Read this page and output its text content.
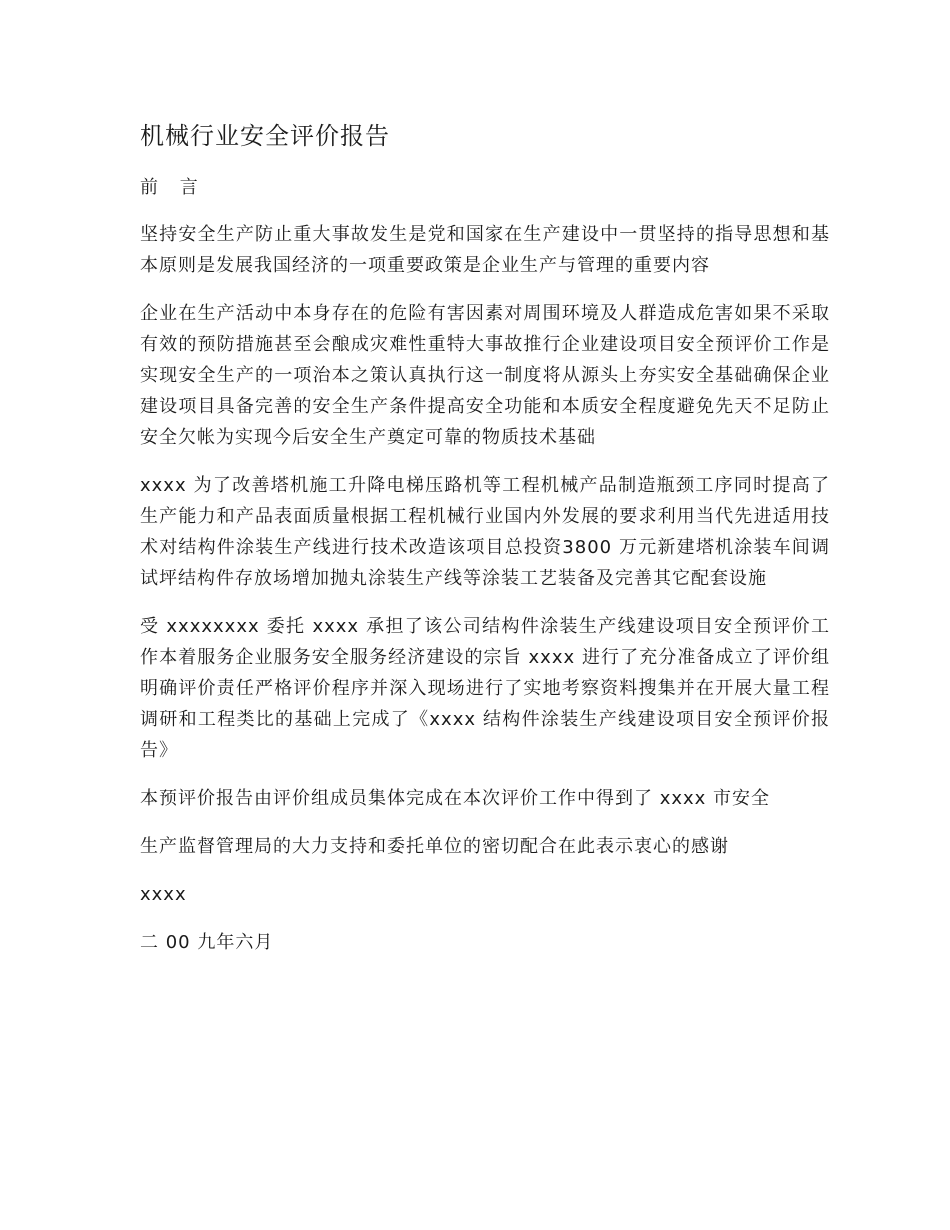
机械行业安全评价报告
前 言

坚持安全生产防止重大事故发生是党和国家在生产建设中一贯坚持的指导思想和基本原则是发展我国经济的一项重要政策是企业生产与管理的重要内容

企业在生产活动中本身存在的危险有害因素对周围环境及人群造成危害如果不采取有效的预防措施甚至会酿成灾难性重特大事故推行企业建设项目安全预评价工作是实现安全生产的一项治本之策认真执行这一制度将从源头上夯实安全基础确保企业建设项目具备完善的安全生产条件提高安全功能和本质安全程度避免先天不足防止安全欠帐为实现今后安全生产奠定可靠的物质技术基础

xxxx 为了改善塔机施工升降电梯压路机等工程机械产品制造瓶颈工序同时提高了生产能力和产品表面质量根据工程机械行业国内外发展的要求利用当代先进适用技术对结构件涂装生产线进行技术改造该项目总投资3800 万元新建塔机涂装车间调试坪结构件存放场增加抛丸涂装生产线等涂装工艺装备及完善其它配套设施

受 xxxxxxxx 委托 xxxx 承担了该公司结构件涂装生产线建设项目安全预评价工作本着服务企业服务安全服务经济建设的宗旨 xxxx 进行了充分准备成立了评价组明确评价责任严格评价程序并深入现场进行了实地考察资料搜集并在开展大量工程调研和工程类比的基础上完成了《xxxx 结构件涂装生产线建设项目安全预评价报告》

本预评价报告由评价组成员集体完成在本次评价工作中得到了 xxxx 市安全

生产监督管理局的大力支持和委托单位的密切配合在此表示衷心的感谢

xxxx

二 00 九年六月
